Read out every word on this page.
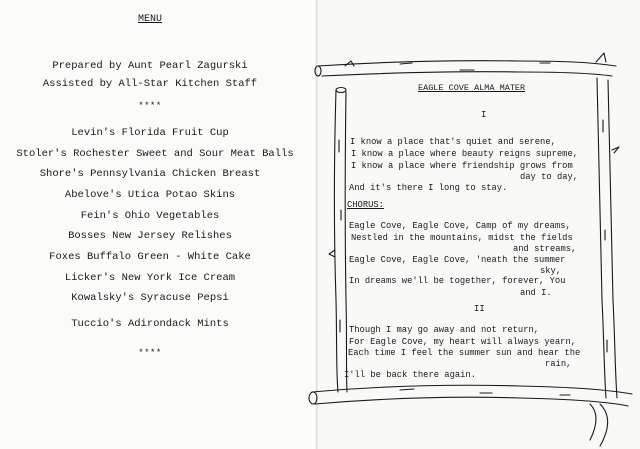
MENU
Prepared by Aunt Pearl Zagurski
Assisted by All-Star Kitchen Staff
****
Levin's Florida Fruit Cup
Stoler's Rochester Sweet and Sour Meat Balls
Shore's Pennsylvania Chicken Breast
Abelove's Utica Potao Skins
Fein's Ohio Vegetables
Bosses New Jersey Relishes
Foxes Buffalo Green - White Cake
Licker's New York Ice Cream
Kowalsky's Syracuse Pepsi
Tuccio's Adirondack Mints
****
EAGLE COVE ALMA MATER
I
I know a place that's quiet and serene,
I know a place where beauty reigns supreme,
I know a place where friendship grows from
day to day,
And it's there I long to stay.
CHORUS:
Eagle Cove, Eagle Cove, Camp of my dreams,
Nestled in the mountains, midst the fields
and streams,
Eagle Cove, Eagle Cove, 'neath the summer
sky,
In dreams we'll be together, forever, You
and I.
II
Though I may go away and not return,
For Eagle Cove, my heart will always yearn,
Each time I feel the summer sun and hear the
rain,
I'll be back there again.
